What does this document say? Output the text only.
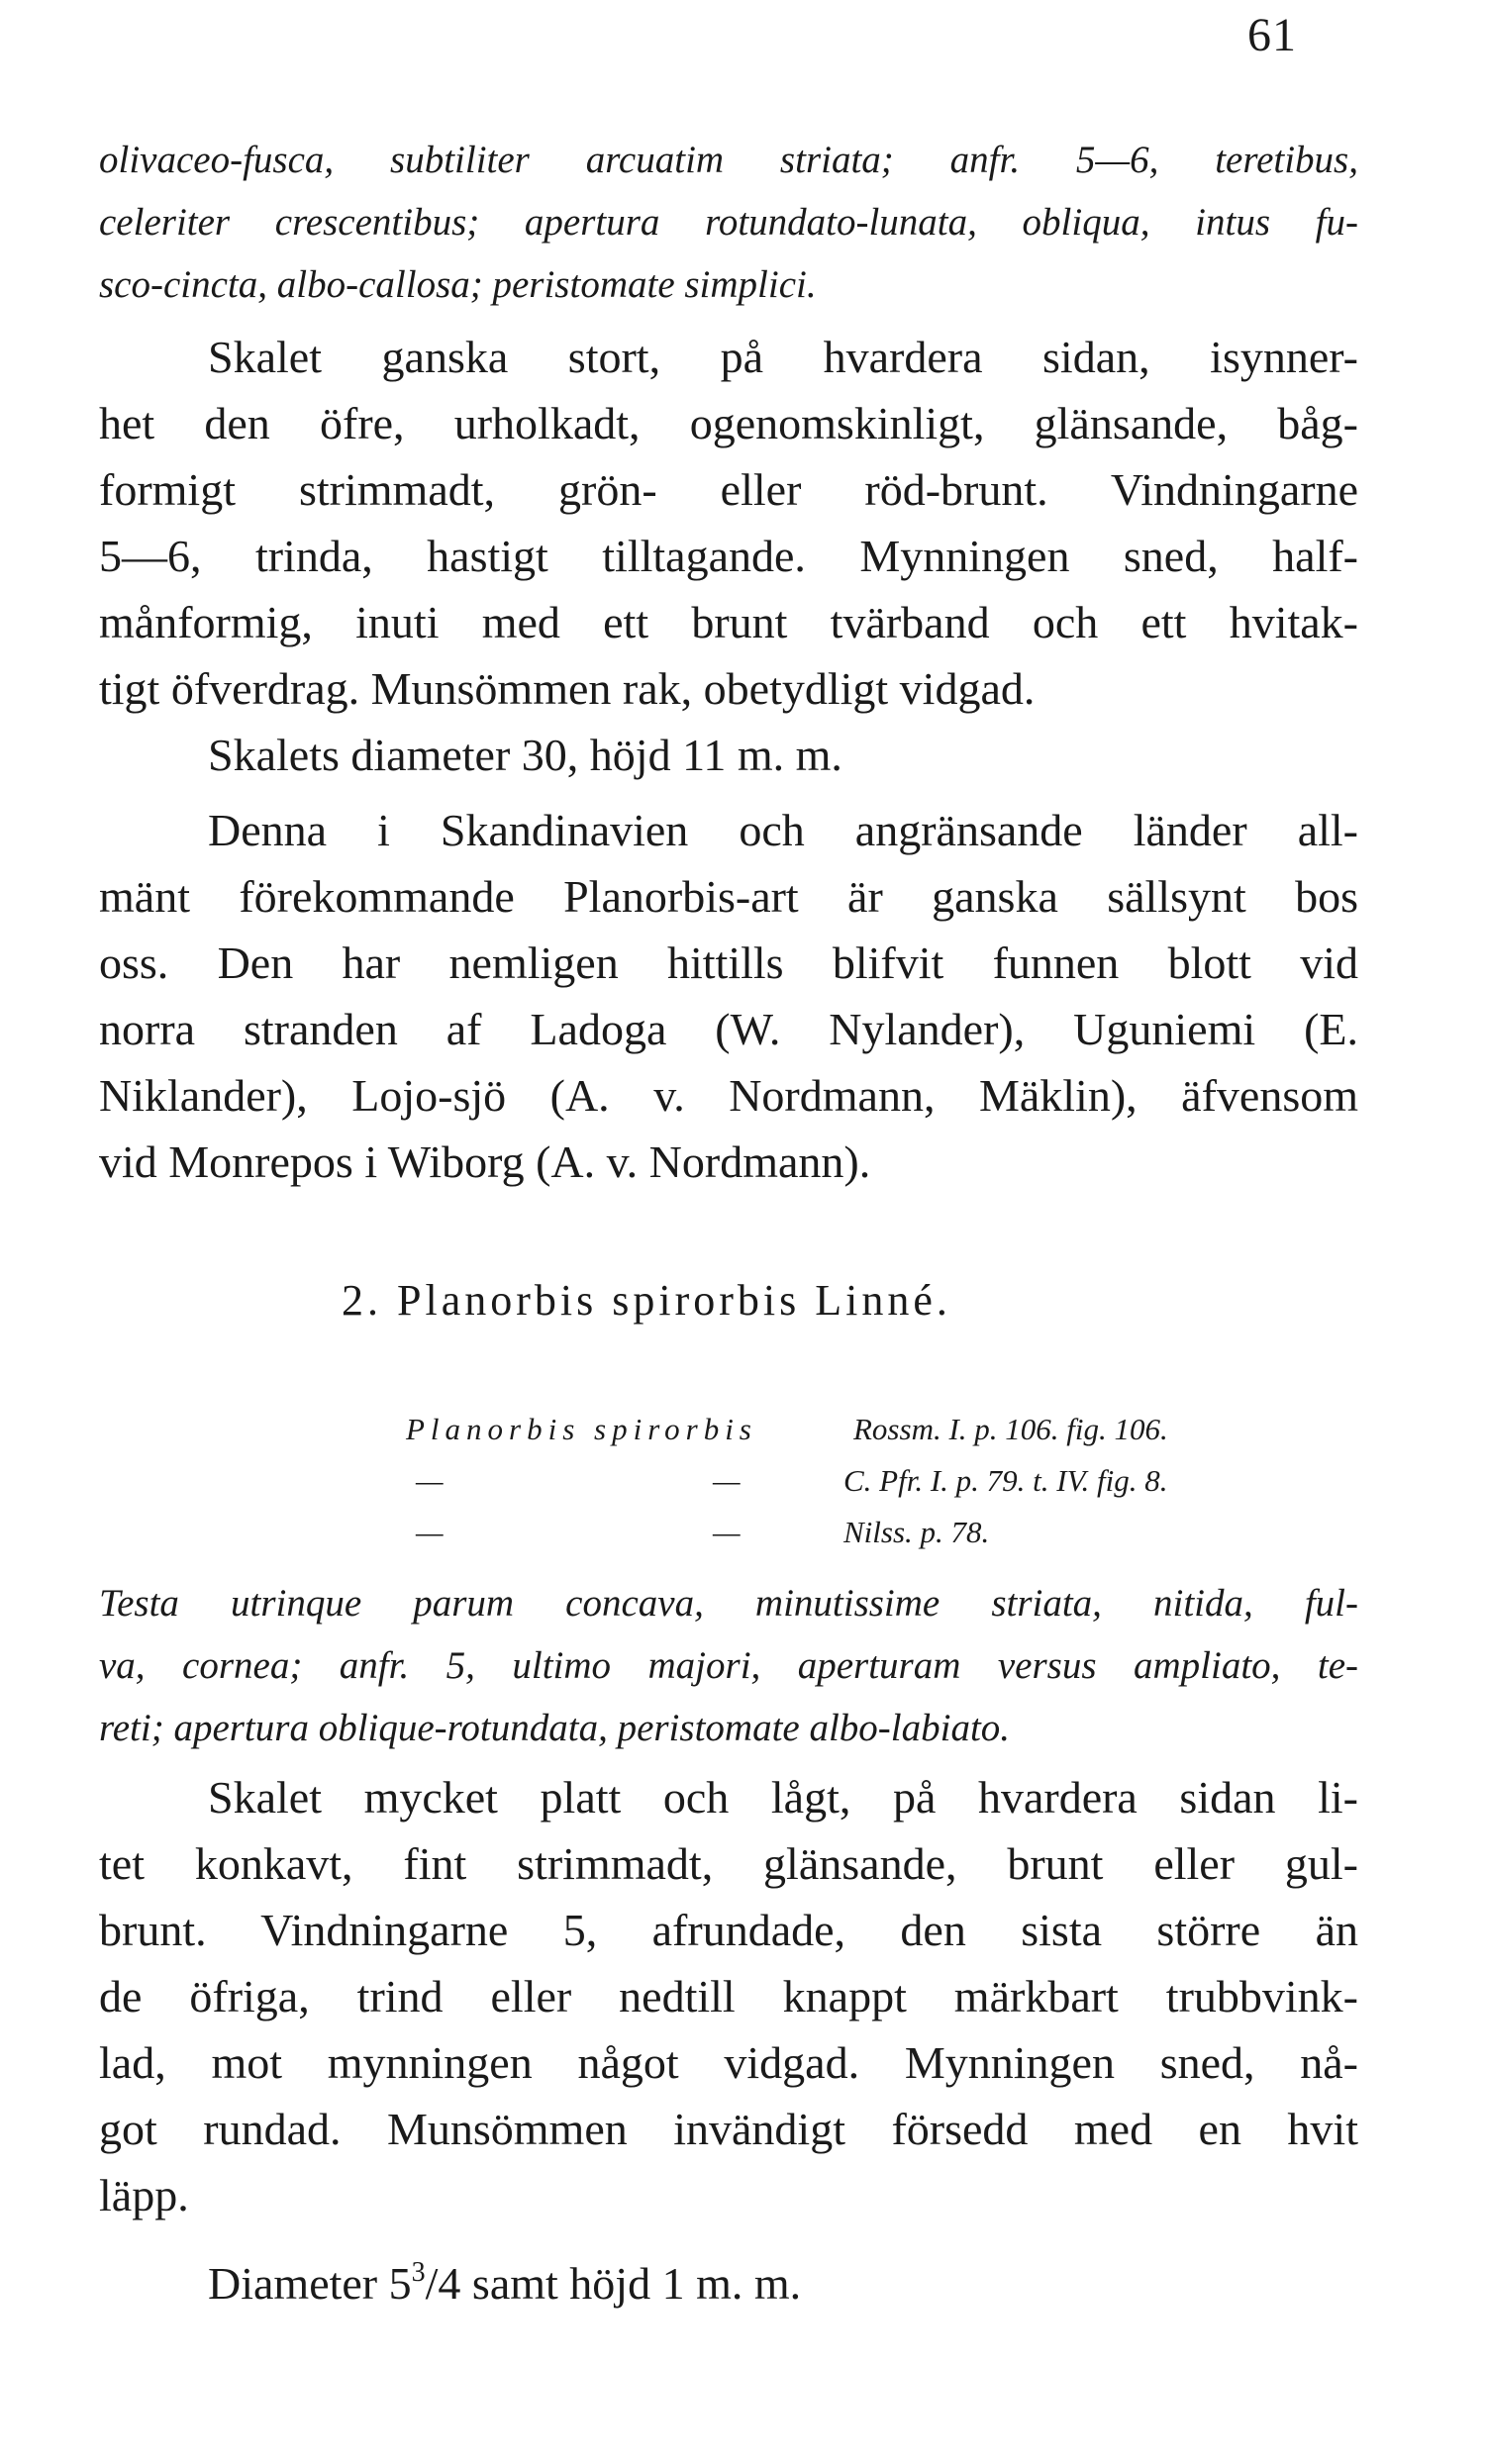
61
olivaceo-fusca, subtiliter arcuatim striata; anfr. 5—6, teretibus,
celeriter crescentibus; apertura rotundato-lunata, obliqua, intus fu-
sco-cincta, albo-callosa; peristomate simplici.
Skalet ganska stort, på hvardera sidan, isynner-
het den öfre, urholkadt, ogenomskinligt, glänsande, båg-
formigt strimmadt, grön- eller röd-brunt. Vindningarne
5—6, trinda, hastigt tilltagande. Mynningen sned, half-
månformig, inuti med ett brunt tvärband och ett hvitak-
tigt öfverdrag. Munsömmen rak, obetydligt vidgad.
Skalets diameter 30, höjd 11 m. m.
Denna i Skandinavien och angränsande länder all-
mänt förekommande Planorbis-art är ganska sällsynt bos
oss. Den har nemligen hittills blifvit funnen blott vid
norra stranden af Ladoga (W. Nylander), Uguniemi (E.
Niklander), Lojo-sjö (A. v. Nordmann, Mäklin), äfvensom
vid Monrepos i Wiborg (A. v. Nordmann).
2. Planorbis spirorbis Linné.
Planorbis spirorbis	Rossm. I. p. 106. fig. 106.
—	—	C. Pfr. I. p. 79. t. IV. fig. 8.
—	—	Nilss. p. 78.
Testa utrinque parum concava, minutissime striata, nitida, ful-
va, cornea; anfr. 5, ultimo majori, aperturam versus ampliato, te-
reti; apertura oblique-rotundata, peristomate albo-labiato.
Skalet mycket platt och lågt, på hvardera sidan li-
tet konkavt, fint strimmadt, glänsande, brunt eller gul-
brunt. Vindningarne 5, afrundade, den sista större än
de öfriga, trind eller nedtill knappt märkbart trubbvink-
lad, mot mynningen något vidgad. Mynningen sned, nå-
got rundad. Munsömmen invändigt försedd med en hvit
läpp.
Diameter $5^3/4$ samt höjd 1 m. m.
